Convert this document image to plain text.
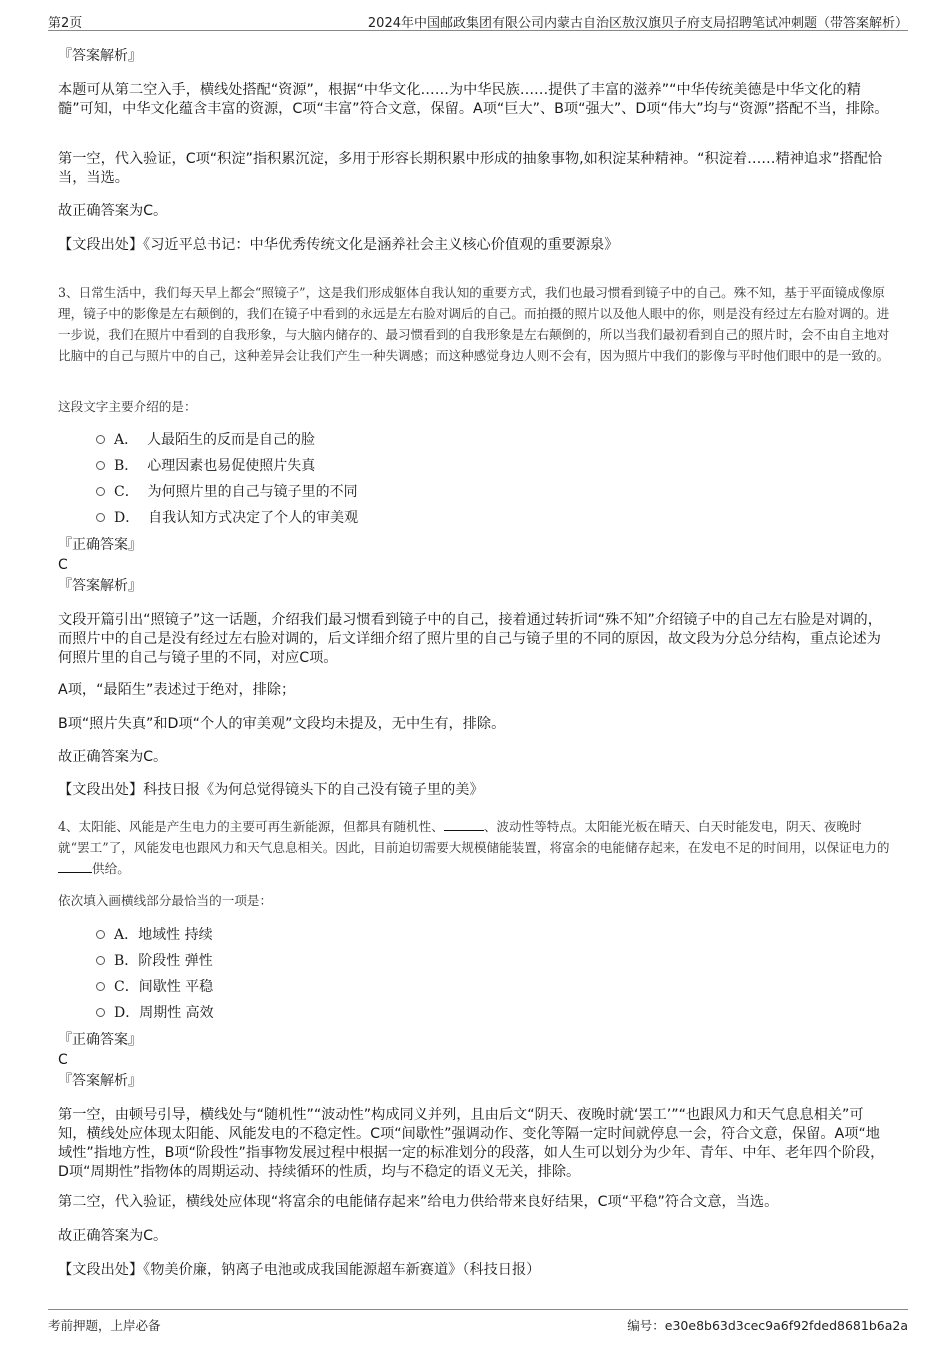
第2页	2024年中国邮政集团有限公司内蒙古自治区敖汉旗贝子府支局招聘笔试冲刺题（带答案解析）
『答案解析』
本题可从第二空入手，横线处搭配“资源”，根据“中华文化……为中华民族……提供了丰富的滋养”“中华传统美德是中华文化的精髓”可知，中华文化蕴含丰富的资源，C项“丰富”符合文意，保留。A项“巨大”、B项“强大”、D项“伟大”均与“资源”搭配不当，排除。
第一空，代入验证，C项“积淀”指积累沉淀，多用于形容长期积累中形成的抽象事物,如积淀某种精神。“积淀着……精神追求”搭配恰当，当选。
故正确答案为C。
【文段出处】《习近平总书记：中华优秀传统文化是涵养社会主义核心价值观的重要源泉》
3、日常生活中，我们每天早上都会“照镜子”，这是我们形成躯体自我认知的重要方式，我们也最习惯看到镜子中的自己。殊不知，基于平面镜成像原理，镜子中的影像是左右颠倒的，我们在镜子中看到的永远是左右脸对调后的自己。而拍摄的照片以及他人眼中的你，则是没有经过左右脸对调的。进一步说，我们在照片中看到的自我形象，与大脑内储存的、最习惯看到的自我形象是左右颠倒的，所以当我们最初看到自己的照片时，会不由自主地对比脑中的自己与照片中的自己，这种差异会让我们产生一种失调感；而这种感觉身边人则不会有，因为照片中我们的影像与平时他们眼中的是一致的。
这段文字主要介绍的是：
A． 人最陌生的反而是自己的脸
B． 心理因素也易促使照片失真
C． 为何照片里的自己与镜子里的不同
D． 自我认知方式决定了个人的审美观
『正确答案』
C
『答案解析』
文段开篇引出“照镜子”这一话题，介绍我们最习惯看到镜子中的自己，接着通过转折词“殊不知”介绍镜子中的自己左右脸是对调的，而照片中的自己是没有经过左右脸对调的，后文详细介绍了照片里的自己与镜子里的不同的原因，故文段为分总分结构，重点论述为何照片里的自己与镜子里的不同，对应C项。
A项，“最陌生”表述过于绝对，排除；
B项“照片失真”和D项“个人的审美观”文段均未提及，无中生有，排除。
故正确答案为C。
【文段出处】科技日报《为何总觉得镜头下的自己没有镜子里的美》
4、太阳能、风能是产生电力的主要可再生新能源，但都具有随机性、	、波动性等特点。太阳能光板在晴天、白天时能发电，阴天、夜晚时就“罢工”了，风能发电也跟风力和天气息息相关。因此，目前迫切需要大规模储能装置，将富余的电能储存起来，在发电不足的时间用，以保证电力的供给。
依次填入画横线部分最恰当的一项是：
A．地域性 持续
B．阶段性 弹性
C．间歇性 平稳
D．周期性 高效
『正确答案』
C
『答案解析』
第一空，由顿号引导，横线处与“随机性”“波动性”构成同义并列，且由后文“阴天、夜晚时就‘罢工’”“也跟风力和天气息息相关”可知，横线处应体现太阳能、风能发电的不稳定性。C项“间歇性”强调动作、变化等隔一定时间就停息一会，符合文意，保留。A项“地域性”指地方性，B项“阶段性”指事物发展过程中根据一定的标准划分的段落，如人生可以划分为少年、青年、中年、老年四个阶段，D项“周期性”指物体的周期运动、持续循环的性质，均与不稳定的语义无关，排除。
第二空，代入验证，横线处应体现“将富余的电能储存起来”给电力供给带来良好结果，C项“平稳”符合文意，当选。
故正确答案为C。
【文段出处】《物美价廉，钠离子电池或成我国能源超车新赛道》（科技日报）
考前押题，上岸必备	编号：e30e8b63d3cec9a6f92fded8681b6a2a
